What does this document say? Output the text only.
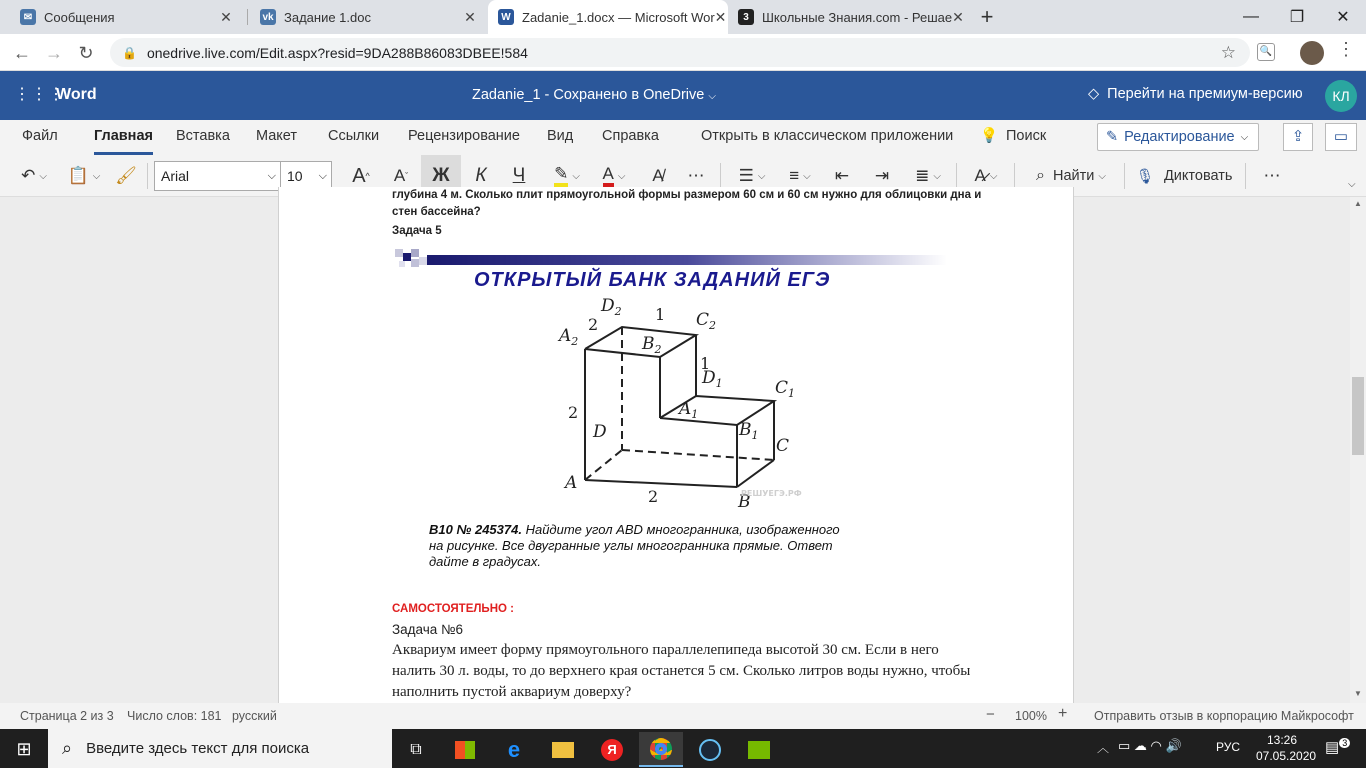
✉ Сообщения	✕	vk Задание 1.doc	✕	W Zadanie_1.docx — Microsoft Wor ✕	3	Школьные Знания.com - Решае ✕ +	—	❐	✕
← → ↻	🔒 onedrive.live.com/Edit.aspx?resid=9DA288B86083DBEE!584	☆ 🔍	⋮
⋮⋮⋮
Word	Zadanie_1 - Сохранено в OneDrive ⌵	◇ Перейти на премиум-версию	КЛ
Файл	Главная Вставка Макет Ссылки Рецензирование Вид Справка	Открыть в классическом приложении 💡 Поиск	✎ Редактирование ⌵	⇪	▭
↶ ⌵ 📋 ⌵ 🖌 Arial	⌵ 10 ⌵ A ^ A ˇ	Ж	К	Ч	✎ ⌵ A ⌵	A̸	⋯	☰ ⌵	≡ ⌵	⇤	⇥	≣ ⌵	A̷ ⌵ ⌕ Найти ⌵ 🎙 Диктовать	⋯	⌵
глубина 4 м. Сколько плит прямоугольной формы размером 60 см и 60 см нужно для облицовки дна и
стен бассейна?
Задача 5
ОТКРЫТЫЙ БАНК ЗАДАНИЙ ЕГЭ
$D_2$	$C_2$
$A_2$	$B_2$
$D_1$	$C_1$
$A_1$
$B_1$
D
C
A
B
2
1
1
2
2	РЕШУЕГЭ.РФ
B10 № 245374. Найдите угол ABD многогранника, изображенного
на рисунке. Все двугранные углы многогранника прямые. Ответ
дайте в градусах.
САМОСТОЯТЕЛЬНО :
Задача №6
Аквариум имеет форму прямоугольного параллелепипеда высотой 30 см. Если в него
налить 30 л. воды, то до верхнего края останется 5 см. Сколько литров воды нужно, чтобы
наполнить пустой аквариум доверху?
▲
▼
Страница 2 из 3 Число слов: 181 русский	− 100% + Отправить отзыв в корпорацию Майкрософт
⊞	⌕ Введите здесь текст для поиска	⧉	e	Я	︿ ▭ ☁ ◠ 🔊	РУС	13:26
07.05.2020 ▤ $^3$
